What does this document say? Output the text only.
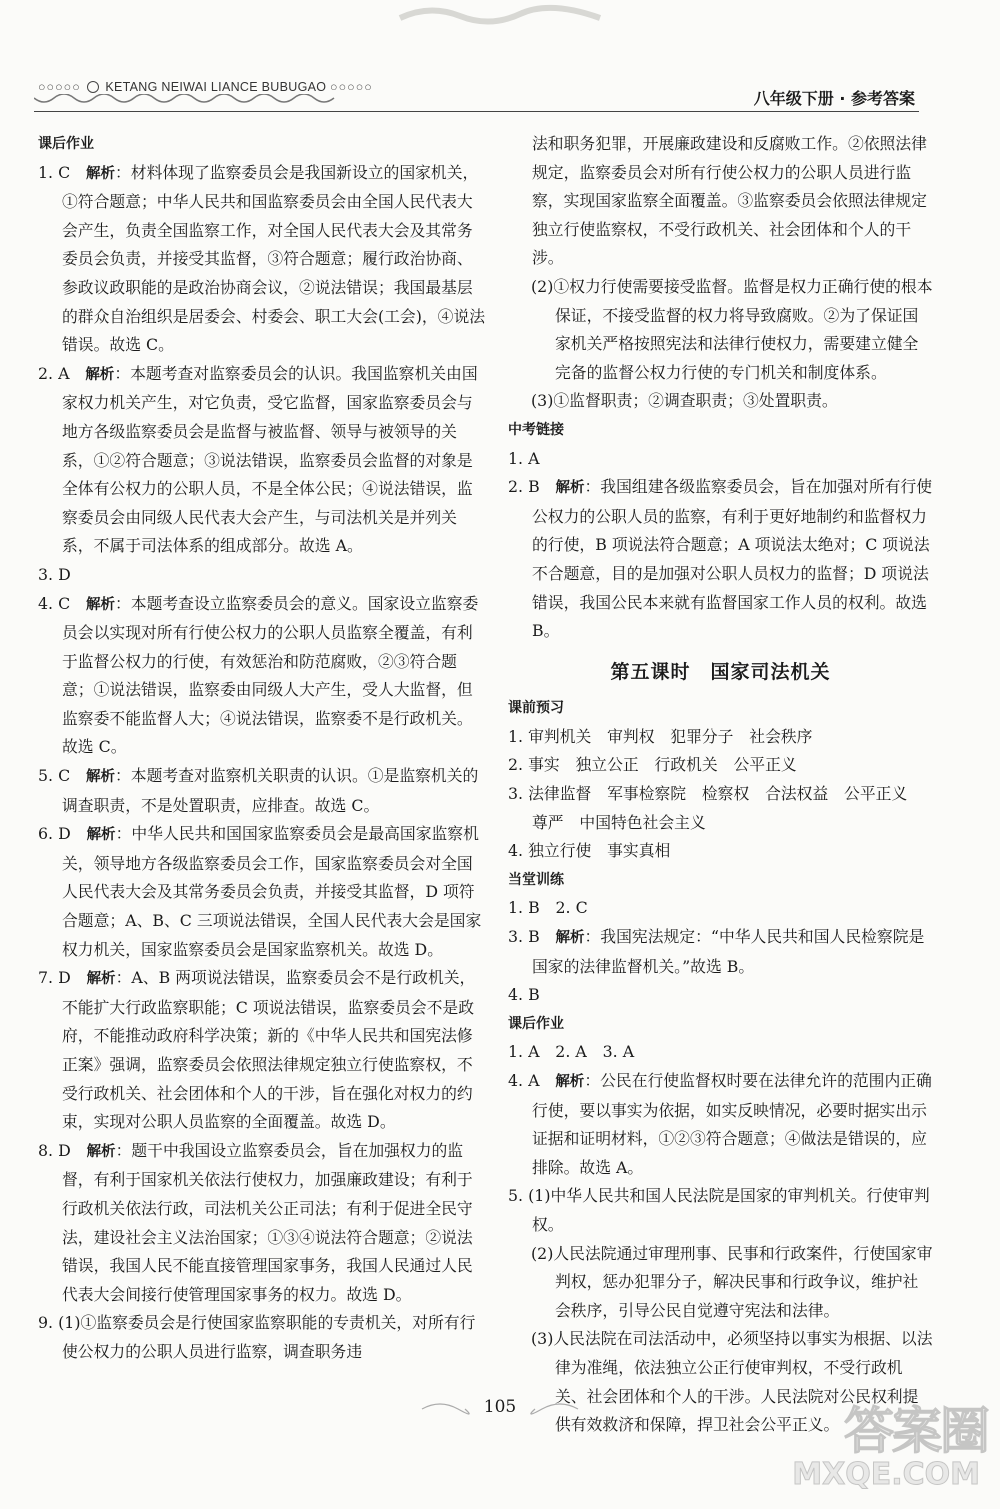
○○○○○ KETANG NEIWAI LIANCE BUBUGAO ○○○○○
八年级下册 · 参考答案

课后作业

1. C  解析：材料体现了监察委员会是我国新设立的国家机关，①符合题意；中华人民共和国监察委员会由全国人民代表大会产生，负责全国监察工作，对全国人民代表大会及其常务委员会负责，并接受其监督，③符合题意；履行政治协商、参政议政职能的是政治协商会议，②说法错误；我国最基层的群众自治组织是居委会、村委会、职工大会(工会)，④说法错误。故选 C。

2. A  解析：本题考查对监察委员会的认识。我国监察机关由国家权力机关产生，对它负责，受它监督，国家监察委员会与地方各级监察委员会是监督与被监督、领导与被领导的关系，①②符合题意；③说法错误，监察委员会监督的对象是全体有公权力的公职人员，不是全体公民；④说法错误，监察委员会由同级人民代表大会产生，与司法机关是并列关系，不属于司法体系的组成部分。故选 A。

3. D

4. C  解析：本题考查设立监察委员会的意义。国家设立监察委员会以实现对所有行使公权力的公职人员监察全覆盖，有利于监督公权力的行使，有效惩治和防范腐败，②③符合题意；①说法错误，监察委由同级人大产生，受人大监督，但监察委不能监督人大；④说法错误，监察委不是行政机关。故选 C。

5. C  解析：本题考查对监察机关职责的认识。①是监察机关的调查职责，不是处置职责，应排查。故选 C。

6. D  解析：中华人民共和国国家监察委员会是最高国家监察机关，领导地方各级监察委员会工作，国家监察委员会对全国人民代表大会及其常务委员会负责，并接受其监督，D 项符合题意；A、B、C 三项说法错误，全国人民代表大会是国家权力机关，国家监察委员会是国家监察机关。故选 D。

7. D  解析：A、B 两项说法错误，监察委员会不是行政机关，不能扩大行政监察职能；C 项说法错误，监察委员会不是政府，不能推动政府科学决策；新的《中华人民共和国宪法修正案》强调，监察委员会依照法律规定独立行使监察权，不受行政机关、社会团体和个人的干涉，旨在强化对权力的约束，实现对公职人员监察的全面覆盖。故选 D。

8. D  解析：题干中我国设立监察委员会，旨在加强权力的监督，有利于国家机关依法行使权力，加强廉政建设；有利于行政机关依法行政，司法机关公正司法；有利于促进全民守法，建设社会主义法治国家；①③④说法符合题意；②说法错误，我国人民不能直接管理国家事务，我国人民通过人民代表大会间接行使管理国家事务的权力。故选 D。

9. (1)①监察委员会是行使国家监察职能的专责机关，对所有行使公权力的公职人员进行监察，调查职务违

法和职务犯罪，开展廉政建设和反腐败工作。②依照法律规定，监察委员会对所有行使公权力的公职人员进行监察，实现国家监察全面覆盖。③监察委员会依照法律规定独立行使监察权，不受行政机关、社会团体和个人的干涉。

(2)①权力行使需要接受监督。监督是权力正确行使的根本保证，不接受监督的权力将导致腐败。②为了保证国家机关严格按照宪法和法律行使权力，需要建立健全完备的监督公权力行使的专门机关和制度体系。

(3)①监督职责；②调查职责；③处置职责。

中考链接

1. A

2. B  解析：我国组建各级监察委员会，旨在加强对所有行使公权力的公职人员的监察，有利于更好地制约和监督权力的行使，B 项说法符合题意；A 项说法太绝对；C 项说法不合题意，目的是加强对公职人员权力的监督；D 项说法错误，我国公民本来就有监督国家工作人员的权利。故选 B。

第五课时　国家司法机关

课前预习

1. 审判机关　审判权　犯罪分子　社会秩序

2. 事实　独立公正　行政机关　公平正义

3. 法律监督　军事检察院　检察权　合法权益　公平正义　尊严　中国特色社会主义

4. 独立行使　事实真相

当堂训练

1. B　2. C

3. B  解析：我国宪法规定：“中华人民共和国人民检察院是国家的法律监督机关。”故选 B。

4. B

课后作业

1. A　2. A　3. A

4. A  解析：公民在行使监督权时要在法律允许的范围内正确行使，要以事实为依据，如实反映情况，必要时据实出示证据和证明材料，①②③符合题意；④做法是错误的，应排除。故选 A。

5. (1)中华人民共和国人民法院是国家的审判机关。行使审判权。

(2)人民法院通过审理刑事、民事和行政案件，行使国家审判权，惩办犯罪分子，解决民事和行政争议，维护社会秩序，引导公民自觉遵守宪法和法律。

(3)人民法院在司法活动中，必须坚持以事实为根据、以法律为准绳，依法独立公正行使审判权，不受行政机关、社会团体和个人的干涉。人民法院对公民权利提供有效救济和保障，捍卫社会公平正义。

105	答案圈
MXQE.COM
